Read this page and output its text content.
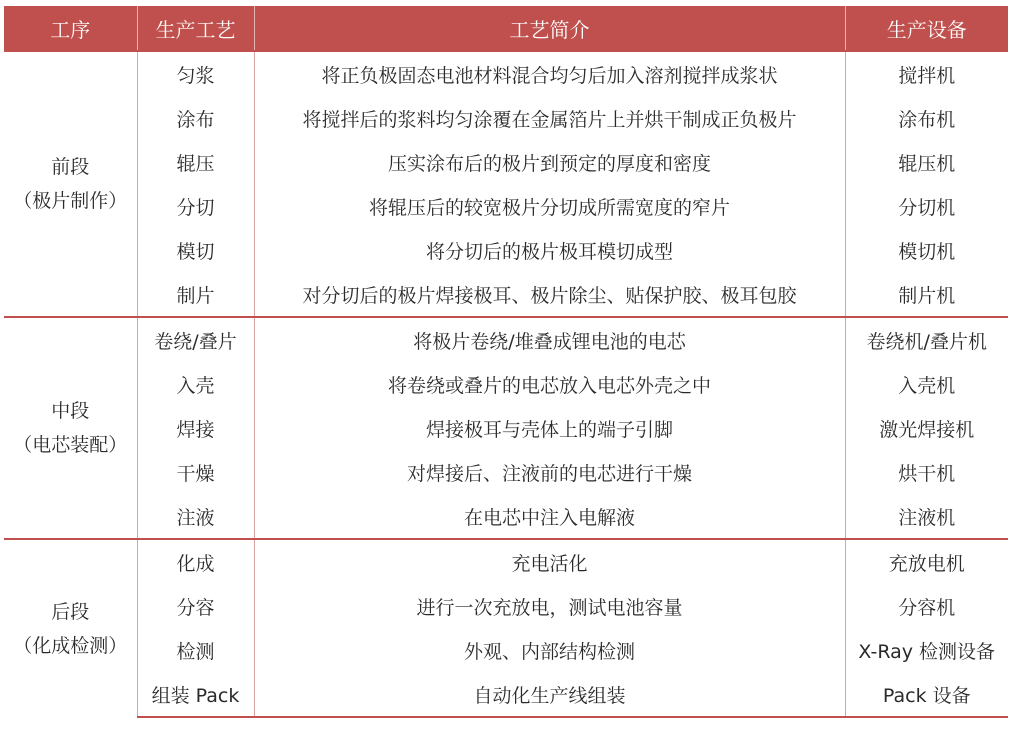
工序	生产工艺	工艺简介	生产设备

前段
（极片制作）	匀浆	将正负极固态电池材料混合均匀后加入溶剂搅拌成浆状	搅拌机
	涂布	将搅拌后的浆料均匀涂覆在金属箔片上并烘干制成正负极片	涂布机
	辊压	压实涂布后的极片到预定的厚度和密度	辊压机
	分切	将辊压后的较宽极片分切成所需宽度的窄片	分切机
	模切	将分切后的极片极耳模切成型	模切机
	制片	对分切后的极片焊接极耳、极片除尘、贴保护胶、极耳包胶	制片机

中段
（电芯装配）	卷绕/叠片	将极片卷绕/堆叠成锂电池的电芯	卷绕机/叠片机
	入壳	将卷绕或叠片的电芯放入电芯外壳之中	入壳机
	焊接	焊接极耳与壳体上的端子引脚	激光焊接机
	干燥	对焊接后、注液前的电芯进行干燥	烘干机
	注液	在电芯中注入电解液	注液机

后段
（化成检测）	化成	充电活化	充放电机
	分容	进行一次充放电，测试电池容量	分容机
	检测	外观、内部结构检测	X-Ray 检测设备
	组装 Pack	自动化生产线组装	Pack 设备
